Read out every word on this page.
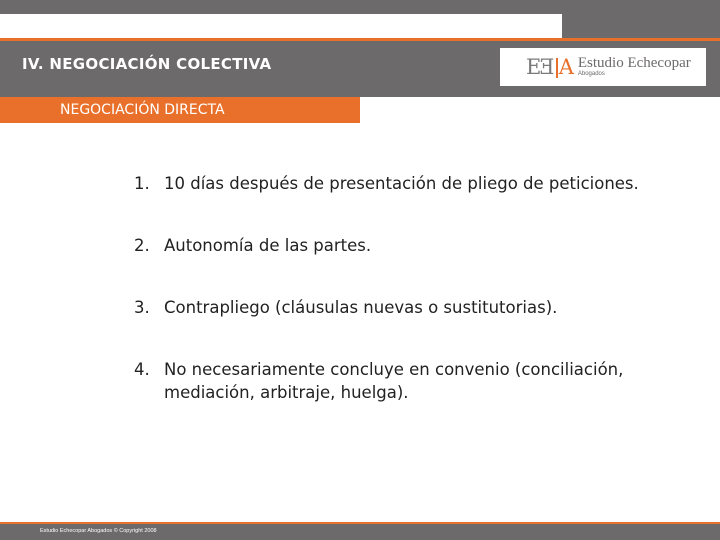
IV. NEGOCIACIÓN COLECTIVA	E
E A Estudio Echecopar
Abogados
NEGOCIACIÓN DIRECTA
1. 10 días después de presentación de pliego de peticiones.
2. Autonomía de las partes.
3. Contrapliego (cláusulas nuevas o sustitutorias).
4. No necesariamente concluye en convenio (conciliación, mediación, arbitraje, huelga).
Estudio Echecopar Abogados © Copyright 2008
